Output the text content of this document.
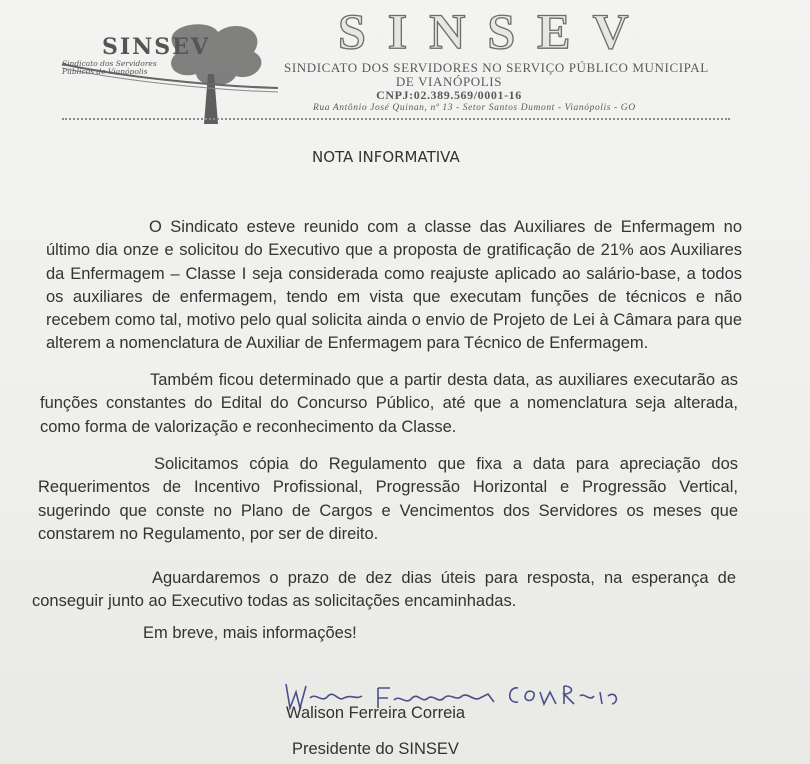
SINSEV
Sindicato dos Servidores Públicos de Vianópolis
SINSEV
SINDICATO DOS SERVIDORES NO SERVIÇO PÚBLICO MUNICIPAL
DE VIANÓPOLIS
CNPJ:02.389.569/0001-16
Rua Antônio José Quinan, nº 13 - Setor Santos Dumont - Vianópolis - GO
NOTA INFORMATIVA
O Sindicato esteve reunido com a classe das Auxiliares de Enfermagem no último dia onze e solicitou do Executivo que a proposta de gratificação de 21% aos Auxiliares da Enfermagem – Classe I seja considerada como reajuste aplicado ao salário-base, a todos os auxiliares de enfermagem, tendo em vista que executam funções de técnicos e não recebem como tal, motivo pelo qual solicita ainda o envio de Projeto de Lei à Câmara para que alterem a nomenclatura de Auxiliar de Enfermagem para Técnico de Enfermagem.
Também ficou determinado que a partir desta data, as auxiliares executarão as funções constantes do Edital do Concurso Público, até que a nomenclatura seja alterada, como forma de valorização e reconhecimento da Classe.
Solicitamos cópia do Regulamento que fixa a data para apreciação dos Requerimentos de Incentivo Profissional, Progressão Horizontal e Progressão Vertical, sugerindo que conste no Plano de Cargos e Vencimentos dos Servidores os meses que constarem no Regulamento, por ser de direito.
Aguardaremos o prazo de dez dias úteis para resposta, na esperança de conseguir junto ao Executivo todas as solicitações encaminhadas.
Em breve, mais informações!
Walison Ferreira Correia
Presidente do SINSEV
